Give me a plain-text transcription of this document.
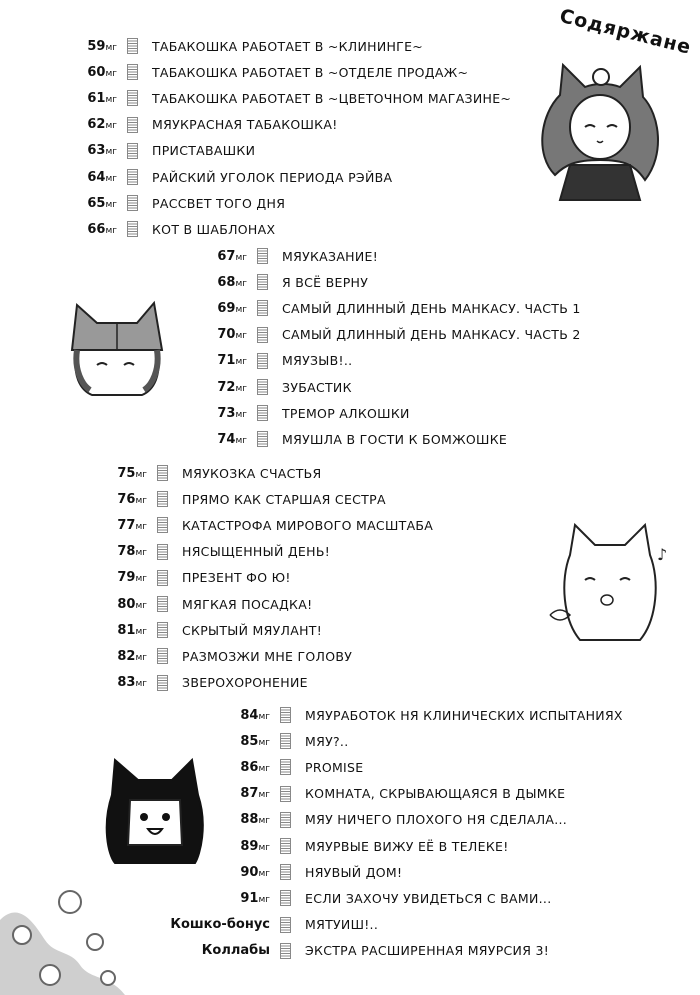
Содяржане
59мг	ТАБАКОШКА РАБОТАЕТ В ~КЛИНИНГЕ~
60мг	ТАБАКОШКА РАБОТАЕТ В ~ОТДЕЛЕ ПРОДАЖ~
61мг	ТАБАКОШКА РАБОТАЕТ В ~ЦВЕТОЧНОМ МАГАЗИНЕ~
62мг	МЯУКРАСНАЯ ТАБАКОШКА!
63мг	ПРИСТАВАШКИ
64мг	РАЙСКИЙ УГОЛОК ПЕРИОДА РЭЙВА
65мг	РАССВЕТ ТОГО ДНЯ
66мг	КОТ В ШАБЛОНАХ
67мг	МЯУКАЗАНИЕ!
68мг	Я ВСЁ ВЕРНУ
69мг	САМЫЙ ДЛИННЫЙ ДЕНЬ МАНКАСУ. ЧАСТЬ 1
70мг	САМЫЙ ДЛИННЫЙ ДЕНЬ МАНКАСУ. ЧАСТЬ 2
71мг	МЯУЗЫВ!..
72мг	ЗУБАСТИК
73мг	ТРЕМОР АЛКОШКИ
74мг	МЯУШЛА В ГОСТИ К БОМЖОШКЕ
75мг	МЯУКОЗКА СЧАСТЬЯ
76мг	ПРЯМО КАК СТАРШАЯ СЕСТРА
77мг	КАТАСТРОФА МИРОВОГО МАСШТАБА
78мг	НЯСЫЩЕННЫЙ ДЕНЬ!
79мг	ПРЕЗЕНТ ФО Ю!
80мг	МЯГКАЯ ПОСАДКА!
81мг	СКРЫТЫЙ МЯУЛАНТ!
82мг	РАЗМОЗЖИ МНЕ ГОЛОВУ
83мг	ЗВЕРОХОРОНЕНИЕ
84мг	МЯУРАБОТОК НЯ КЛИНИЧЕСКИХ ИСПЫТАНИЯХ
85мг	МЯУ?..
86мг	PROMISE
87мг	КОМНАТА, СКРЫВАЮЩАЯСЯ В ДЫМКЕ
88мг	МЯУ НИЧЕГО ПЛОХОГО НЯ СДЕЛАЛА...
89мг	МЯУРВЫЕ ВИЖУ ЕЁ В ТЕЛЕКЕ!
90мг	НЯУВЫЙ ДОМ!
91мг	ЕСЛИ ЗАХОЧУ УВИДЕТЬСЯ С ВАМИ...
Кошко-бонус	МЯТУИШ!..
Коллабы	ЭКСТРА РАСШИРЕННАЯ МЯУРСИЯ 3!
♪
